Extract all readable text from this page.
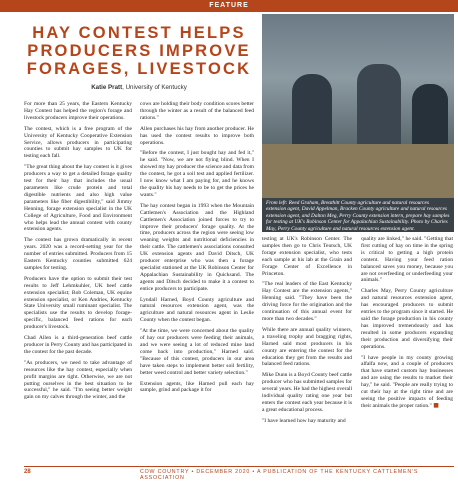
FEATURE
HAY CONTEST HELPS
PRODUCERS IMPROVE
FORAGES, LIVESTOCK
Katie Pratt, University of Kentucky

For more than 25 years, the Eastern Kentucky Hay Contest has helped the region's forage and livestock producers improve their operations.

The contest, which is a free program of the University of Kentucky Cooperative Extension Service, allows producers in participating counties to submit hay samples to UK for testing each fall.

"The great thing about the hay contest is it gives producers a way to get a detailed forage quality test for their hay that includes the usual parameters like crude protein and total digestible nutrients and also high value parameters like fiber digestibility," said Jimmy Henning, forage extension specialist in the UK College of Agriculture, Food and Environment who helps lead the annual contest with county extension agents.

The contest has grown dramatically in recent years. 2020 was a record-setting year for the number of entries submitted. Producers from 15 Eastern Kentucky counties submitted 624 samples for testing.

Producers have the option to submit their test results to Jeff Lehmkuhler, UK beef cattle extension specialist; Bob Coleman, UK equine extension specialist, or Ken Andries, Kentucky State University small ruminant specialist. The specialists use the results to develop forage-specific, balanced feed rations for each producer's livestock.

Chad Allen is a third-generation beef cattle producer in Perry County and has participated in the contest for the past decade.

"As producers, we need to take advantage of resources like the hay contest, especially when profit margins are tight. Otherwise, we are not putting ourselves in the best situation to be successful," he said. "I'm seeing better weight gain on my calves through the winter, and the

cows are holding their body condition scores better through the winter as a result of the balanced feed rations."

Allen purchases his hay from another producer. He has used the contest results to improve both operations.

"Before the contest, I just bought hay and fed it," he said. "Now, we are not flying blind. When I showed my hay producer the science and data from the contest, he got a soil test and applied fertilizer. I now know what I am paying for, and he knows the quality his hay needs to be to get the prices he wants."

The hay contest began in 1993 when the Mountain Cattlemen's Association and the Highland Cattlemen's Association joined forces to try to improve their producers' forage quality. At the time, producers across the region were seeing low weaning weights and nutritional deficiencies in their cattle. The cattlemen's associations consulted UK extension agents and David Ditsch, UK producer enterprise who was then a forage specialist stationed at the UK Robinson Center for Appalachian Sustainability in Quicksand. The agents and Ditsch decided to make it a contest to entice producers to participate.

Lyndall Harned, Boyd County agriculture and natural resources extension agent, was the agriculture and natural resources agent in Leslie County when the contest began.

"At the time, we were concerned about the quality of hay our producers were feeding their animals, and we were seeing a lot of reduced mine land come back into production," Harned said. "Because of this contest, producers in our area have taken steps to implement better soil fertility, better weed control and better variety selection."

Extension agents, like Harned pull each hay sample, grind and package it for

From left: Reed Graham, Breathitt County agriculture and natural resources extension agent, David Appelman, Bracken County agriculture and natural resources extension agent, and Dalton Meg, Perry County extension intern, prepare hay samples for testing at UK's Robinson Center for Appalachian Sustainability. Photo by Charles May, Perry County agriculture and natural resources extension agent.

testing at UK's Robinson Center. The samples then go to Chris Teutsch, UK forage extension specialist, who tests each sample at his lab at the Grain and Forage Center of Excellence in Princeton.

"The real leaders of the East Kentucky Hay Contest are the extension agents," Henning said. "They have been the driving force for the origination and the continuation of this annual event for more than two decades."

While there are annual quality winners, a traveling trophy and bragging rights, Harned said most producers in his county are entering the contest for the education they get from the results and balanced feed rations.

Mike Dunn is a Boyd County beef cattle producer who has submitted samples for several years. He had the highest overall individual quality rating one year but enters the contest each year because it is a great educational process.

"I have learned how hay maturity and

quality are linked," he said. "Getting that first cutting of hay on time in the spring is critical to getting a high protein content. Having your feed ration balanced saves you money, because you are not overfeeding or underfeeding your animals."

Charles May, Perry County agriculture and natural resources extension agent, has encouraged producers to submit entries to the program since it started. He said the forage production in his county has improved tremendously and has resulted in some producers expanding their production and diversifying their operations.

"I have people in my county growing alfalfa now, and a couple of producers that have started custom hay businesses and are using the results to market their hay," he said. "People are really trying to cut their hay at the right time and are seeing the positive impacts of feeding their animals the proper ration." ■

28	COW COUNTRY • DECEMBER 2020 • A PUBLICATION OF THE KENTUCKY CATTLEMEN'S ASSOCIATION
